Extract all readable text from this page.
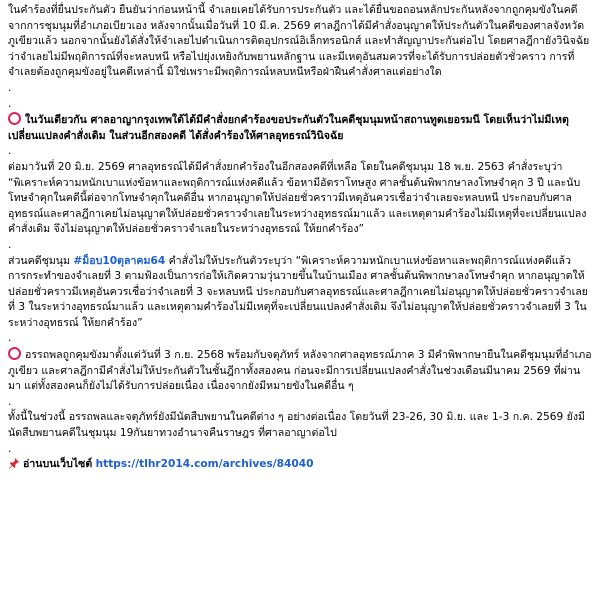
ในคำร้องที่ยื่นประกันตัว ยืนยันว่าก่อนหน้านี้ จำเลยเคยได้รับการประกันตัว และได้ยื่นขอถอนหลักประกันหลังจากถูกคุมขังในคดีจากการชุมนุมที่อำเภอเบียวเอง หลังจากนั้นเมื่อวันที่ 10 มี.ค. 2569 ศาลฎีกาได้มีคำสั่งอนุญาตให้ประกันตัวในคดีของศาลจังหวัดภูเขียวแล้ว นอกจากนั้นยังได้สั่งให้จำเลยไปดำเนินการติดอุปกรณ์อิเล็กทรอนิกส์ และทำสัญญาประกันต่อไป โดยศาลฎีกายังวินิจฉัยว่าจำเลยไม่มีพฤติการณ์ที่จะหลบหนี หรือไปยุ่งเหยิงกับพยานหลักฐาน และมีเหตุอันสมควรที่จะได้รับการปล่อยตัวชั่วคราว การที่จำเลยต้องถูกคุมขังอยู่ในคดีเหล่านี้ มิใช่เพราะมีพฤติการณ์หลบหนีหรือฝ่าฝืนคำสั่งศาลแต่อย่างใด

.

.

ในวันเดียวกัน ศาลอาญากรุงเทพใต้ได้มีคำสั่งยกคำร้องขอประกันตัวในคดีชุมนุมหน้าสถานทูตเยอรมนี โดยเห็นว่าไม่มีเหตุเปลี่ยนแปลงคำสั่งเดิม ในส่วนอีกสองคดี ได้สั่งคำร้องให้ศาลอุทธรณ์วินิจฉัย

.

ต่อมาวันที่ 20 มิ.ย. 2569 ศาลอุทธรณ์ได้มีคำสั่งยกคำร้องในอีกสองคดีที่เหลือ โดยในคดีชุมนุม 18 พ.ย. 2563 คำสั่งระบุว่า “พิเคราะห์ความหนักเบาแห่งข้อหาและพฤติการณ์แห่งคดีแล้ว ข้อหามีอัตราโทษสูง ศาลชั้นต้นพิพากษาลงโทษจำคุก 3 ปี และนับโทษจำคุกในคดีนี้ต่อจากโทษจำคุกในคดีอื่น หากอนุญาตให้ปล่อยชั่วคราวมีเหตุอันควรเชื่อว่าจำเลยจะหลบหนี ประกอบกับศาลอุทธรณ์และศาลฎีกาเคยไม่อนุญาตให้ปล่อยชั่วคราวจำเลยในระหว่างอุทธรณ์มาแล้ว และเหตุตามคำร้องไม่มีเหตุที่จะเปลี่ยนแปลงคำสั่งเดิม จึงไม่อนุญาตให้ปล่อยชั่วคราวจำเลยในระหว่างอุทธรณ์ ให้ยกคำร้อง”

.

ส่วนคดีชุมนุม #ม็อบ10ตุลาคม64 คำสั่งไม่ให้ประกันตัวระบุว่า “พิเคราะห์ความหนักเบาแห่งข้อหาและพฤติการณ์แห่งคดีแล้ว การกระทำของจำเลยที่ 3 ตามฟ้องเป็นการก่อให้เกิดความวุ่นวายขึ้นในบ้านเมือง ศาลชั้นต้นพิพากษาลงโทษจำคุก หากอนุญาตให้ปล่อยชั่วคราวมีเหตุอันควรเชื่อว่าจำเลยที่ 3 จะหลบหนี ประกอบกับศาลอุทธรณ์และศาลฎีกาเคยไม่อนุญาตให้ปล่อยชั่วคราวจำเลยที่ 3 ในระหว่างอุทธรณ์มาแล้ว และเหตุตามคำร้องไม่มีเหตุที่จะเปลี่ยนแปลงคำสั่งเดิม จึงไม่อนุญาตให้ปล่อยชั่วคราวจำเลยที่ 3 ในระหว่างอุทธรณ์ ให้ยกคำร้อง”

.

อรรถพลถูกคุมขังมาตั้งแต่วันที่ 3 ก.ย. 2568 พร้อมกับจตุภัทร์ หลังจากศาลอุทธรณ์ภาค 3 มีคำพิพากษายืนในคดีชุมนุมที่อำเภอภูเขียว และศาลฎีกามีคำสั่งไม่ให้ประกันตัวในชั้นฎีกาทั้งสองคน ก่อนจะมีการเปลี่ยนแปลงคำสั่งในช่วงเดือนมีนาคม 2569 ที่ผ่านมา แต่ทั้งสองคนก็ยังไม่ได้รับการปล่อยเนื่อง เนื่องจากยังมีหมายขังในคดีอื่น ๆ

.

ทั้งนี้ในช่วงนี้ อรรถพลและจตุภัทร์ยังมีนัดสืบพยานในคดีต่าง ๆ อย่างต่อเนื่อง โดยวันที่ 23-26, 30 มิ.ย. และ 1-3 ก.ค. 2569 ยังมีนัดสืบพยานคดีในชุมนุม 19กันยาทวงอำนาจคืนราษฎร ที่ศาลอาญาต่อไป

.

อ่านบนเว็บไซต์ https://tlhr2014.com/archives/84040
